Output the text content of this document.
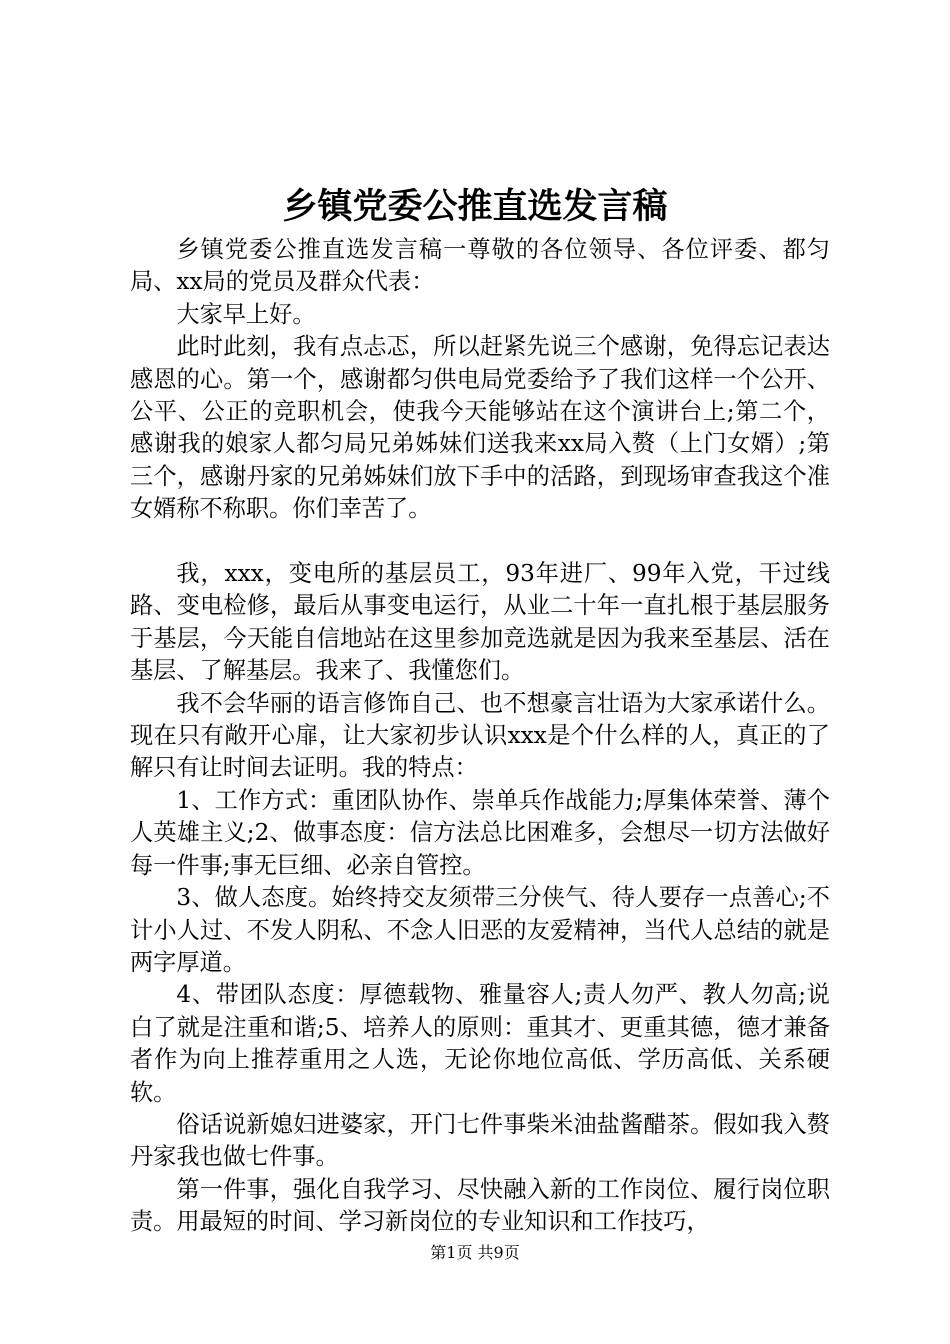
乡镇党委公推直选发言稿

乡镇党委公推直选发言稿一尊敬的各位领导、各位评委、都匀局、xx局的党员及群众代表：

大家早上好。

此时此刻，我有点忐忑，所以赶紧先说三个感谢，免得忘记表达感恩的心。第一个，感谢都匀供电局党委给予了我们这样一个公开、公平、公正的竞职机会，使我今天能够站在这个演讲台上;第二个，感谢我的娘家人都匀局兄弟姊妹们送我来xx局入赘（上门女婿）;第三个，感谢丹家的兄弟姊妹们放下手中的活路，到现场审查我这个准女婿称不称职。你们幸苦了。

我，xxx，变电所的基层员工，93年进厂、99年入党，干过线路、变电检修，最后从事变电运行，从业二十年一直扎根于基层服务于基层，今天能自信地站在这里参加竞选就是因为我来至基层、活在基层、了解基层。我来了、我懂您们。

我不会华丽的语言修饰自己、也不想豪言壮语为大家承诺什么。现在只有敞开心扉，让大家初步认识xxx是个什么样的人，真正的了解只有让时间去证明。我的特点：

1、工作方式：重团队协作、崇单兵作战能力;厚集体荣誉、薄个人英雄主义;2、做事态度：信方法总比困难多，会想尽一切方法做好每一件事;事无巨细、必亲自管控。

3、做人态度。始终持交友须带三分侠气、待人要存一点善心;不计小人过、不发人阴私、不念人旧恶的友爱精神，当代人总结的就是两字厚道。

4、带团队态度：厚德载物、雅量容人;责人勿严、教人勿高;说白了就是注重和谐;5、培养人的原则：重其才、更重其德，德才兼备者作为向上推荐重用之人选，无论你地位高低、学历高低、关系硬软。

俗话说新媳妇进婆家，开门七件事柴米油盐酱醋茶。假如我入赘丹家我也做七件事。

第一件事，强化自我学习、尽快融入新的工作岗位、履行岗位职责。用最短的时间、学习新岗位的专业知识和工作技巧，

第1页 共9页
